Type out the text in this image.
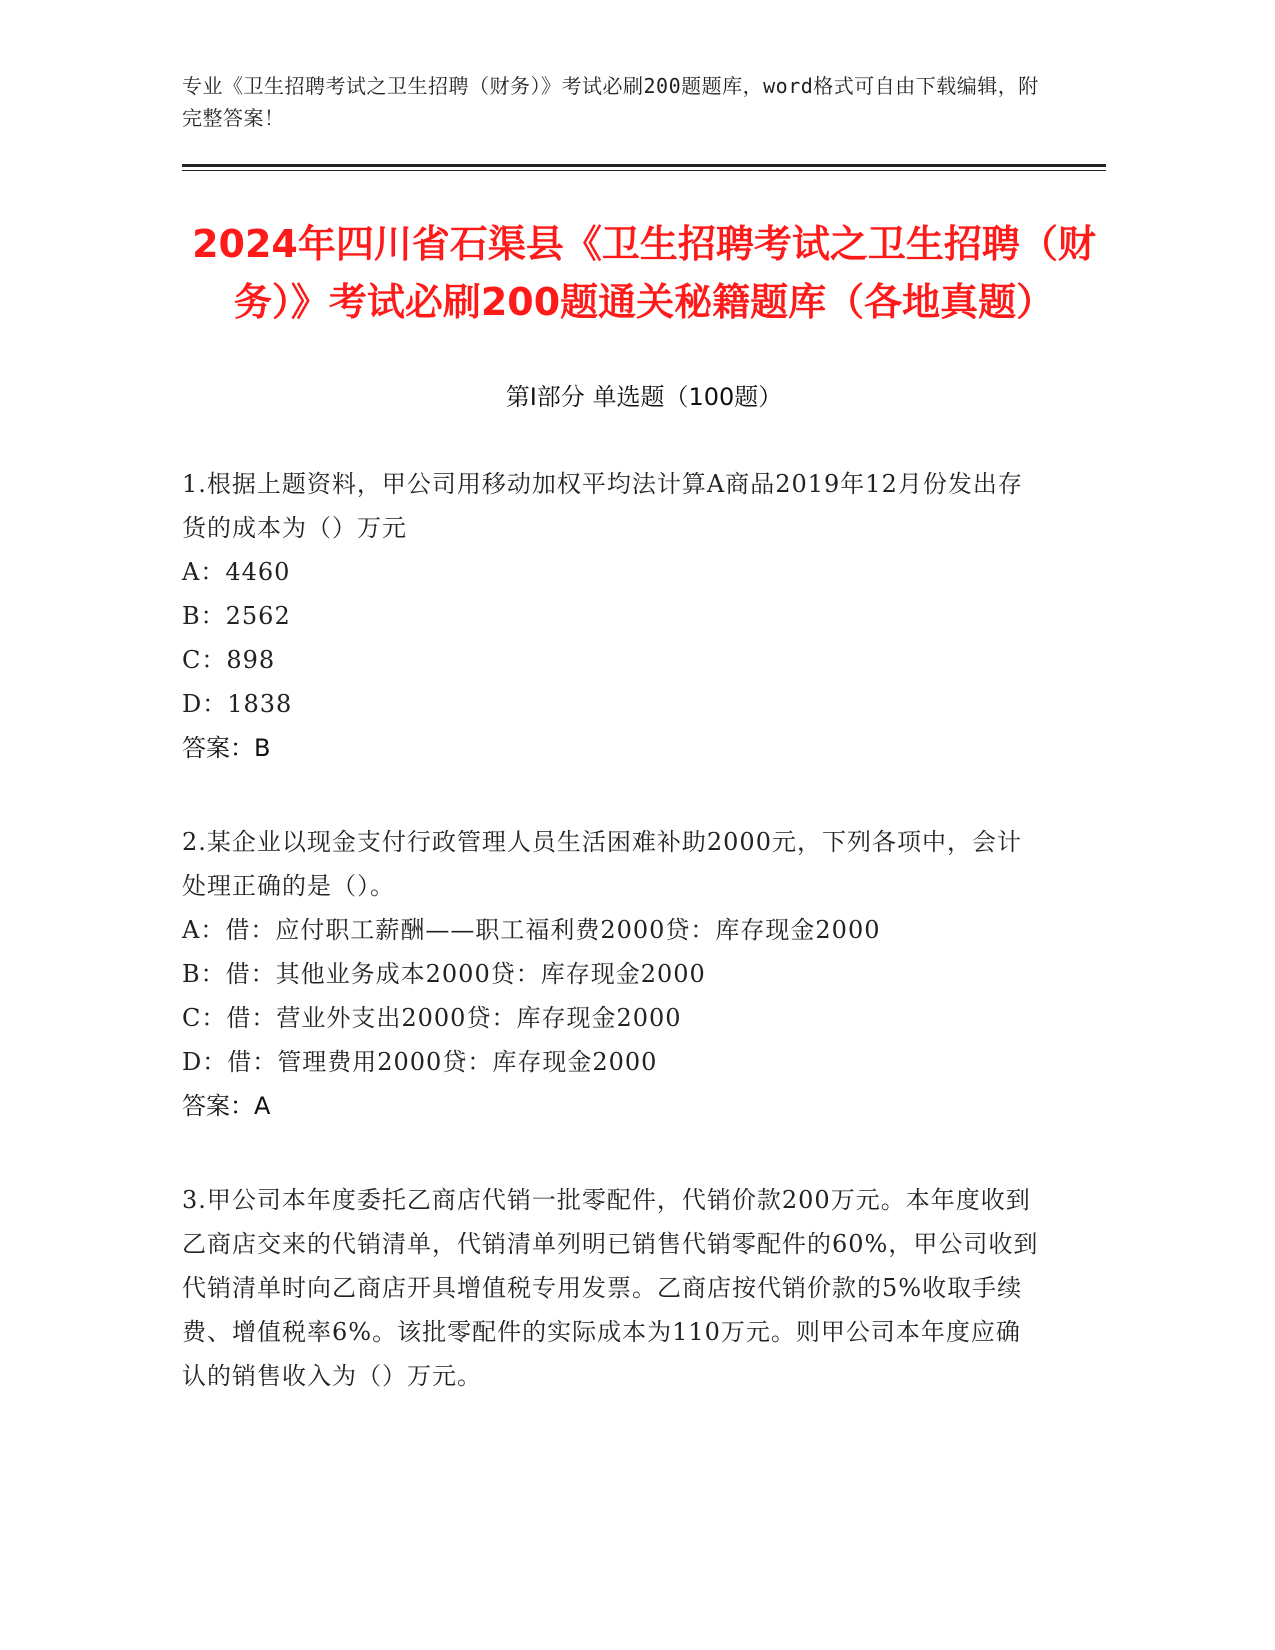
专业《卫生招聘考试之卫生招聘（财务）》考试必刷200题题库，word格式可自由下载编辑，附完整答案！
2024年四川省石渠县《卫生招聘考试之卫生招聘（财务）》考试必刷200题通关秘籍题库（各地真题）
第Ⅰ部分 单选题（100题）
1.根据上题资料，甲公司用移动加权平均法计算A商品2019年12月份发出存货的成本为（）万元
A：4460
B：2562
C：898
D：1838
答案：B
2.某企业以现金支付行政管理人员生活困难补助2000元，下列各项中，会计处理正确的是（）。
A：借：应付职工薪酬——职工福利费2000贷：库存现金2000
B：借：其他业务成本2000贷：库存现金2000
C：借：营业外支出2000贷：库存现金2000
D：借：管理费用2000贷：库存现金2000
答案：A
3.甲公司本年度委托乙商店代销一批零配件，代销价款200万元。本年度收到乙商店交来的代销清单，代销清单列明已销售代销零配件的60%，甲公司收到代销清单时向乙商店开具增值税专用发票。乙商店按代销价款的5%收取手续费、增值税率6%。该批零配件的实际成本为110万元。则甲公司本年度应确认的销售收入为（）万元。
